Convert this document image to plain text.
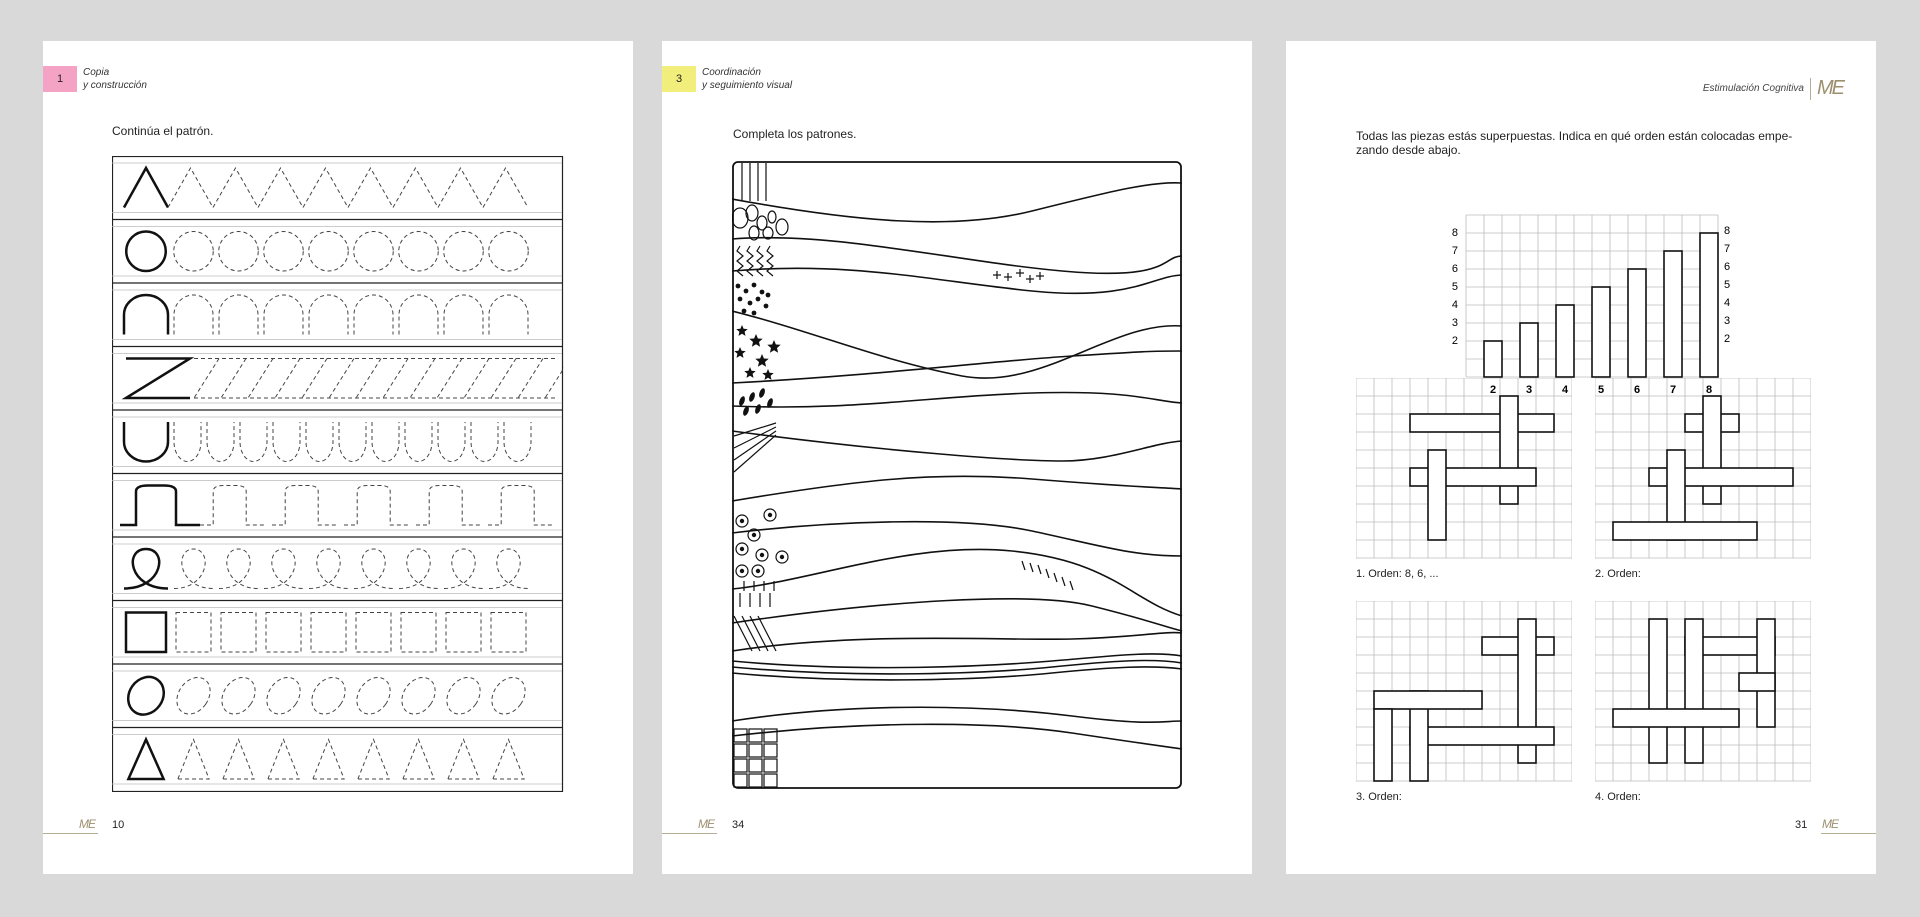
1
Copia
y construcción
Continúa el patrón.
ME 10
3
Coordinación
y seguimiento visual
Completa los patrones.
ME 34
Estimulación Cognitiva ME
Todas las piezas estás superpuestas. Indica en qué orden están colocadas empe-
zando desde abajo.
2	3	4	5	6	7	8
8	8
7	7
6	6
5	5
4	4
3	3
2	2
1. Orden: 8, 6, ...	2. Orden:
3. Orden:	4. Orden:
ME
31
